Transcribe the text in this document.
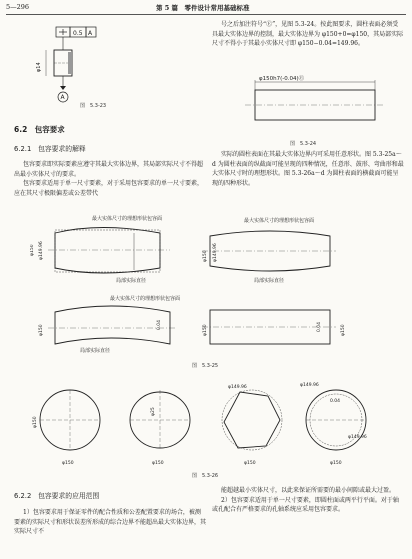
5—296	第 5 篇　零件设计常用基础标准
0.5 A
φ14
A
图　5.3-23

号之后加注符号“Ⓔ”，见图 5.3-24。按此图要求，圆柱表面必须受具最大实体边界的控制，最大实体边界为 φ150+0=φ150，其局部实际尺寸不得小于其最小实体尺寸即 φ150−0.04=149.96。

φ150h7(-0.04)Ⓔ
图　5.3-24
6.2　包容要求
6.2.1　包容要求的解释

包容要求即实际要素应遵守其最大实体边界，其局部实际尺寸不得超出最小实体尺寸的要求。

包容要求适用于单一尺寸要素，对于采用包容要求的单一尺寸要素，应在其尺寸极限偏差或公差带代

实际的圆柱表面在其最大实体边界内可采用任意形状。图 5.3-25a～d 为圆柱表面的纵截面可能呈现的四种情况，任意形、鼓形、弯曲形和最大实体尺寸时的理想形状。图 5.3-26a～d 为圆柱表面的横截面可能呈现的四种形状。

最大实体尺寸的理想形状包容面
φ149.96
φ150
局部实际直径
φ150 φ149.96
局部实际直径
最大实体尺寸的理想形状包容面
最大实体尺寸的理想形状包容面
φ150	0.04
局部实际直径
φ150	0.04	φ150
图　5.3-25
φ150
φ150
φ25
φ150
φ149.96
φ150
φ149.96
0.04
φ149.96
φ150
图　5.3-26
6.2.2　包容要求的应用范围

1）包容要求用于保证零件的配合性质和公差配置要求的场合，被测要素的实际尺寸和形状误差所形成的综合边界不能超出最大实体边界，其实际尺寸不

能超越最小实体尺寸，以此来保证所需要的最小间隙或最大过盈。

2）包容要求适用于单一尺寸要素，即圆柱面或两平行平面。对于轴或孔配合有严格要求的孔轴系统应采用包容要求。
